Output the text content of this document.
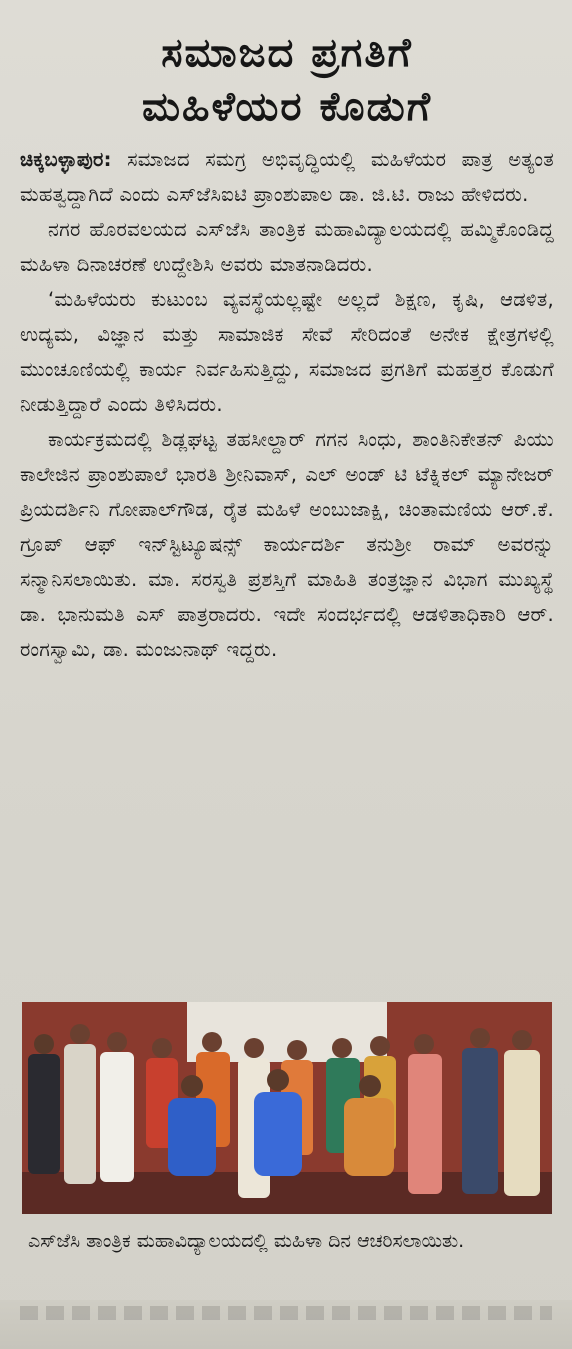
ಸಮಾಜದ ಪ್ರಗತಿಗೆ
ಮಹಿಳೆಯರ ಕೊಡುಗೆ

ಚಿಕ್ಕಬಳ್ಳಾಪುರ: ಸಮಾಜದ ಸಮಗ್ರ ಅಭಿವೃದ್ಧಿಯಲ್ಲಿ ಮಹಿಳೆಯರ ಪಾತ್ರ ಅತ್ಯಂತ ಮಹತ್ವದ್ದಾಗಿದೆ ಎಂದು ಎಸ್‌ಜೆಸಿಐಟಿ ಪ್ರಾಂಶುಪಾಲ ಡಾ. ಜಿ.ಟಿ. ರಾಜು ಹೇಳಿದರು.

ನಗರ ಹೊರವಲಯದ ಎಸ್‌ಜೆಸಿ ತಾಂತ್ರಿಕ ಮಹಾವಿದ್ಯಾಲಯದಲ್ಲಿ ಹಮ್ಮಿಕೊಂಡಿದ್ದ ಮಹಿಳಾ ದಿನಾಚರಣೆ ಉದ್ದೇಶಿಸಿ ಅವರು ಮಾತನಾಡಿದರು.

‘ಮಹಿಳೆಯರು ಕುಟುಂಬ ವ್ಯವಸ್ಥೆಯಲ್ಲಷ್ಟೇ ಅಲ್ಲದೆ ಶಿಕ್ಷಣ, ಕೃಷಿ, ಆಡಳಿತ, ಉದ್ಯಮ, ವಿಜ್ಞಾನ ಮತ್ತು ಸಾಮಾಜಿಕ ಸೇವೆ ಸೇರಿದಂತೆ ಅನೇಕ ಕ್ಷೇತ್ರಗಳಲ್ಲಿ ಮುಂಚೂಣಿಯಲ್ಲಿ ಕಾರ್ಯ ನಿರ್ವಹಿಸುತ್ತಿದ್ದು, ಸಮಾಜದ ಪ್ರಗತಿಗೆ ಮಹತ್ತರ ಕೊಡುಗೆ ನೀಡುತ್ತಿದ್ದಾರೆ ಎಂದು ತಿಳಿಸಿದರು.

ಕಾರ್ಯಕ್ರಮದಲ್ಲಿ ಶಿಡ್ಲಘಟ್ಟ ತಹಸೀಲ್ದಾರ್ ಗಗನ ಸಿಂಧು, ಶಾಂತಿನಿಕೇತನ್ ಪಿಯು ಕಾಲೇಜಿನ ಪ್ರಾಂಶುಪಾಲೆ ಭಾರತಿ ಶ್ರೀನಿವಾಸ್, ಎಲ್ ಅಂಡ್ ಟಿ ಟೆಕ್ನಿಕಲ್ ಮ್ಯಾನೇಜರ್ ಪ್ರಿಯದರ್ಶಿನಿ ಗೋಪಾಲ್‌ಗೌಡ, ರೈತ ಮಹಿಳೆ ಅಂಬುಜಾಕ್ಷಿ, ಚಿಂತಾಮಣಿಯ ಆರ್.ಕೆ. ಗ್ರೂಪ್ ಆಫ್ ಇನ್‌ಸ್ಟಿಟ್ಯೂಷನ್ಸ್ ಕಾರ್ಯದರ್ಶಿ ತನುಶ್ರೀ ರಾಮ್ ಅವರನ್ನು ಸನ್ಮಾನಿಸಲಾಯಿತು. ಮಾ. ಸರಸ್ವತಿ ಪ್ರಶಸ್ತಿಗೆ ಮಾಹಿತಿ ತಂತ್ರಜ್ಞಾನ ವಿಭಾಗ ಮುಖ್ಯಸ್ಥೆ ಡಾ. ಭಾನುಮತಿ ಎಸ್ ಪಾತ್ರರಾದರು. ಇದೇ ಸಂದರ್ಭದಲ್ಲಿ ಆಡಳಿತಾಧಿಕಾರಿ ಆರ್. ರಂಗಸ್ವಾಮಿ, ಡಾ. ಮಂಜುನಾಥ್ ಇದ್ದರು.

ಎಸ್‌ಜೆಸಿ ತಾಂತ್ರಿಕ ಮಹಾವಿದ್ಯಾಲಯದಲ್ಲಿ ಮಹಿಳಾ ದಿನ ಆಚರಿಸಲಾಯಿತು.
